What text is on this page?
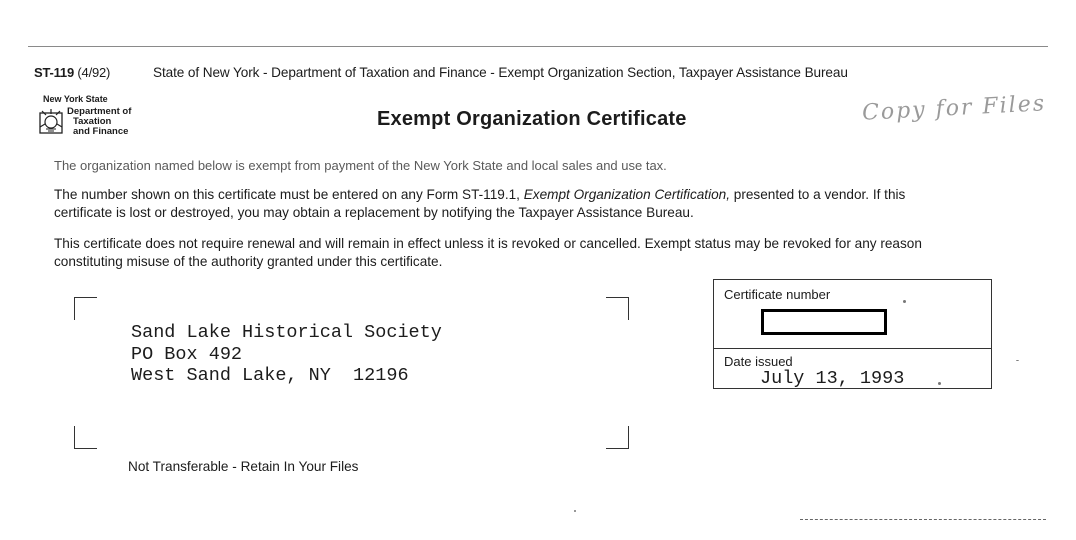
ST-119 (4/92)	State of New York - Department of Taxation and Finance - Exempt Organization Section, Taxpayer Assistance Bureau
New York State
Department of
Taxation
and Finance
Exempt Organization Certificate	Copy for Files
The organization named below is exempt from payment of the New York State and local sales and use tax.
The number shown on this certificate must be entered on any Form ST-119.1, Exempt Organization Certification, presented to a vendor. If this certificate is lost or destroyed, you may obtain a replacement by notifying the Taxpayer Assistance Bureau.
This certificate does not require renewal and will remain in effect unless it is revoked or cancelled. Exempt status may be revoked for any reason constituting misuse of the authority granted under this certificate.
Sand Lake Historical Society
PO Box 492
West Sand Lake, NY  12196
Not Transferable - Retain In Your Files
Certificate number
Date issued
July 13, 1993
